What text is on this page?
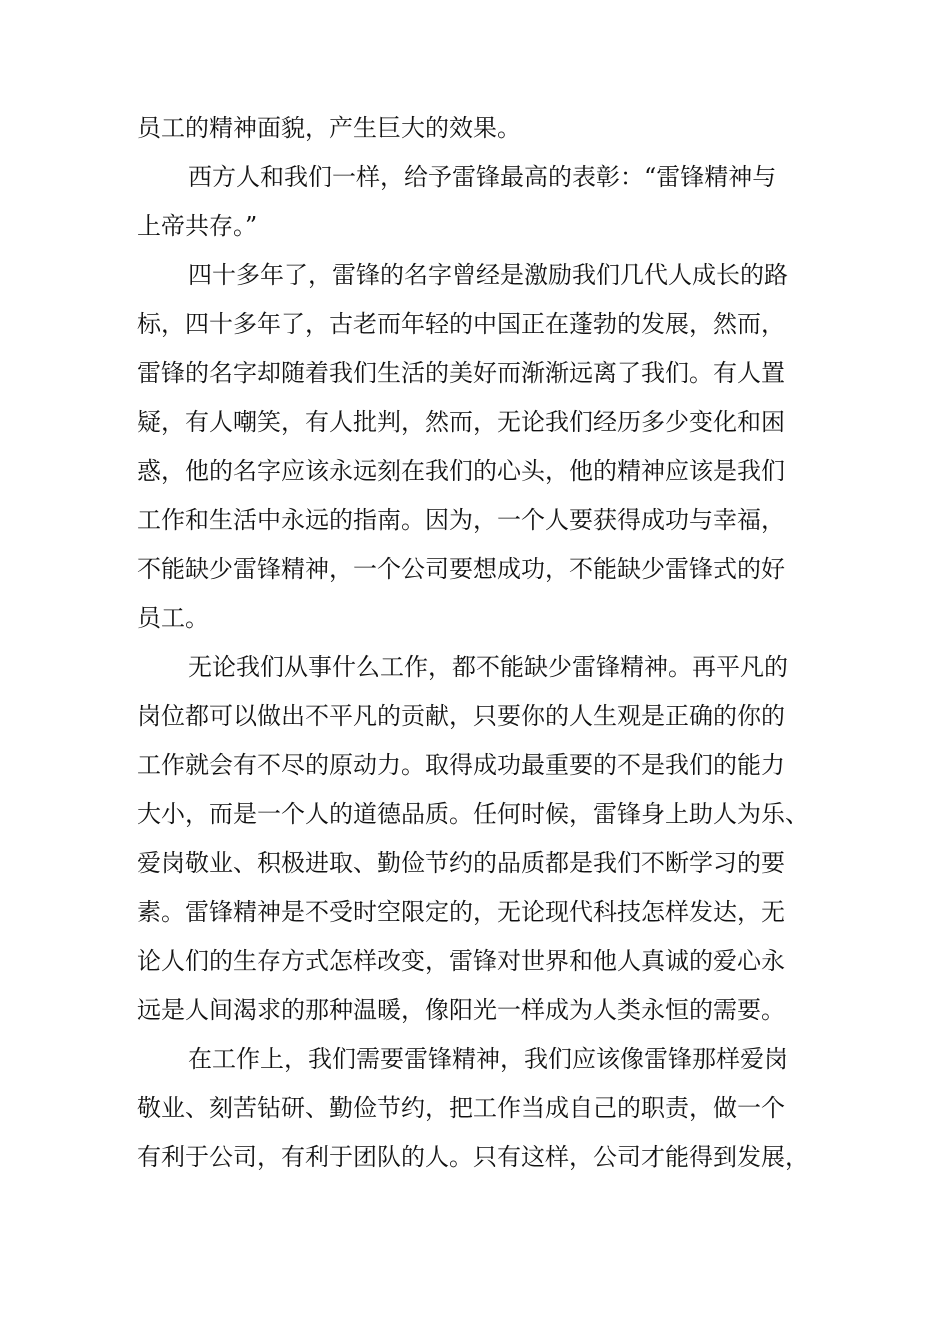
员工的精神面貌，产生巨大的效果。
西方人和我们一样，给予雷锋最高的表彰：“雷锋精神与
上帝共存。”
四十多年了，雷锋的名字曾经是激励我们几代人成长的路
标，四十多年了，古老而年轻的中国正在蓬勃的发展，然而，
雷锋的名字却随着我们生活的美好而渐渐远离了我们。有人置
疑，有人嘲笑，有人批判，然而，无论我们经历多少变化和困
惑，他的名字应该永远刻在我们的心头，他的精神应该是我们
工作和生活中永远的指南。因为，一个人要获得成功与幸福，
不能缺少雷锋精神，一个公司要想成功，不能缺少雷锋式的好
员工。
无论我们从事什么工作，都不能缺少雷锋精神。再平凡的
岗位都可以做出不平凡的贡献，只要你的人生观是正确的你的
工作就会有不尽的原动力。取得成功最重要的不是我们的能力
大小，而是一个人的道德品质。任何时候，雷锋身上助人为乐、
爱岗敬业、积极进取、勤俭节约的品质都是我们不断学习的要
素。雷锋精神是不受时空限定的，无论现代科技怎样发达，无
论人们的生存方式怎样改变，雷锋对世界和他人真诚的爱心永
远是人间渴求的那种温暖，像阳光一样成为人类永恒的需要。
在工作上，我们需要雷锋精神，我们应该像雷锋那样爱岗
敬业、刻苦钻研、勤俭节约，把工作当成自己的职责，做一个
有利于公司，有利于团队的人。只有这样，公司才能得到发展，
